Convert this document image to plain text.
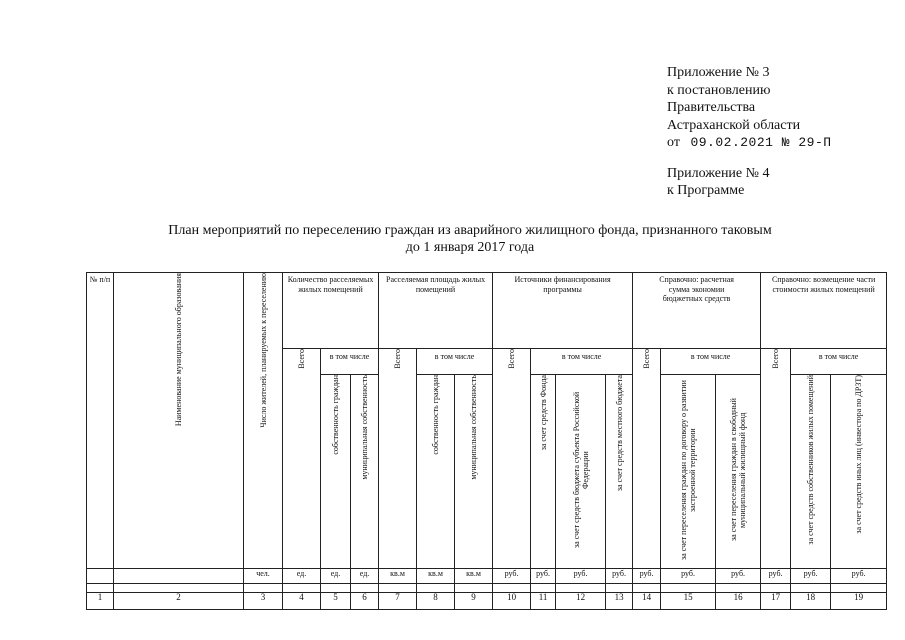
Приложение № 3
к постановлению
Правительства
Астраханской области
от 09.02.2021 № 29-П
Приложение № 4
к Программе
План мероприятий по переселению граждан из аварийного жилищного фонда, признанного таковым
до 1 января 2017 года
№ п/п	Наименование муниципального образования	Число жителей, планируемых к переселению	Количество расселяемых жилых помещений			Расселяемая площадь жилых помещений			Источники финансирования программы				Справочно: расчетная сумма экономии бюджетных средств			Справочно: возмещение части стоимости жилых помещений		
			Всего	в том числе		Всего	в том числе		Всего	в том числе			Всего	в том числе		Всего	в том числе	
				собственность граждан	муниципальная собственность		собственность граждан	муниципальная собственность		за счет средств Фонда	за счет средств бюджета субъекта Российской Федерации	за счет средств местного бюджета		за счет переселения граждан по договору о развитии застроенной территории	за счет переселения граждан в свободный муниципальный жилищный фонд		за счет средств собственников жилых помещений	за счет средств иных лиц (инвестора по ДРЗТ)
		чел.	ед.	ед.	ед.	кв.м	кв.м	кв.м	руб.	руб.	руб.	руб.	руб.	руб.	руб.	руб.	руб.	руб.

1	2	3	4	5	6	7	8	9	10	11	12	13	14	15	16	17	18	19
